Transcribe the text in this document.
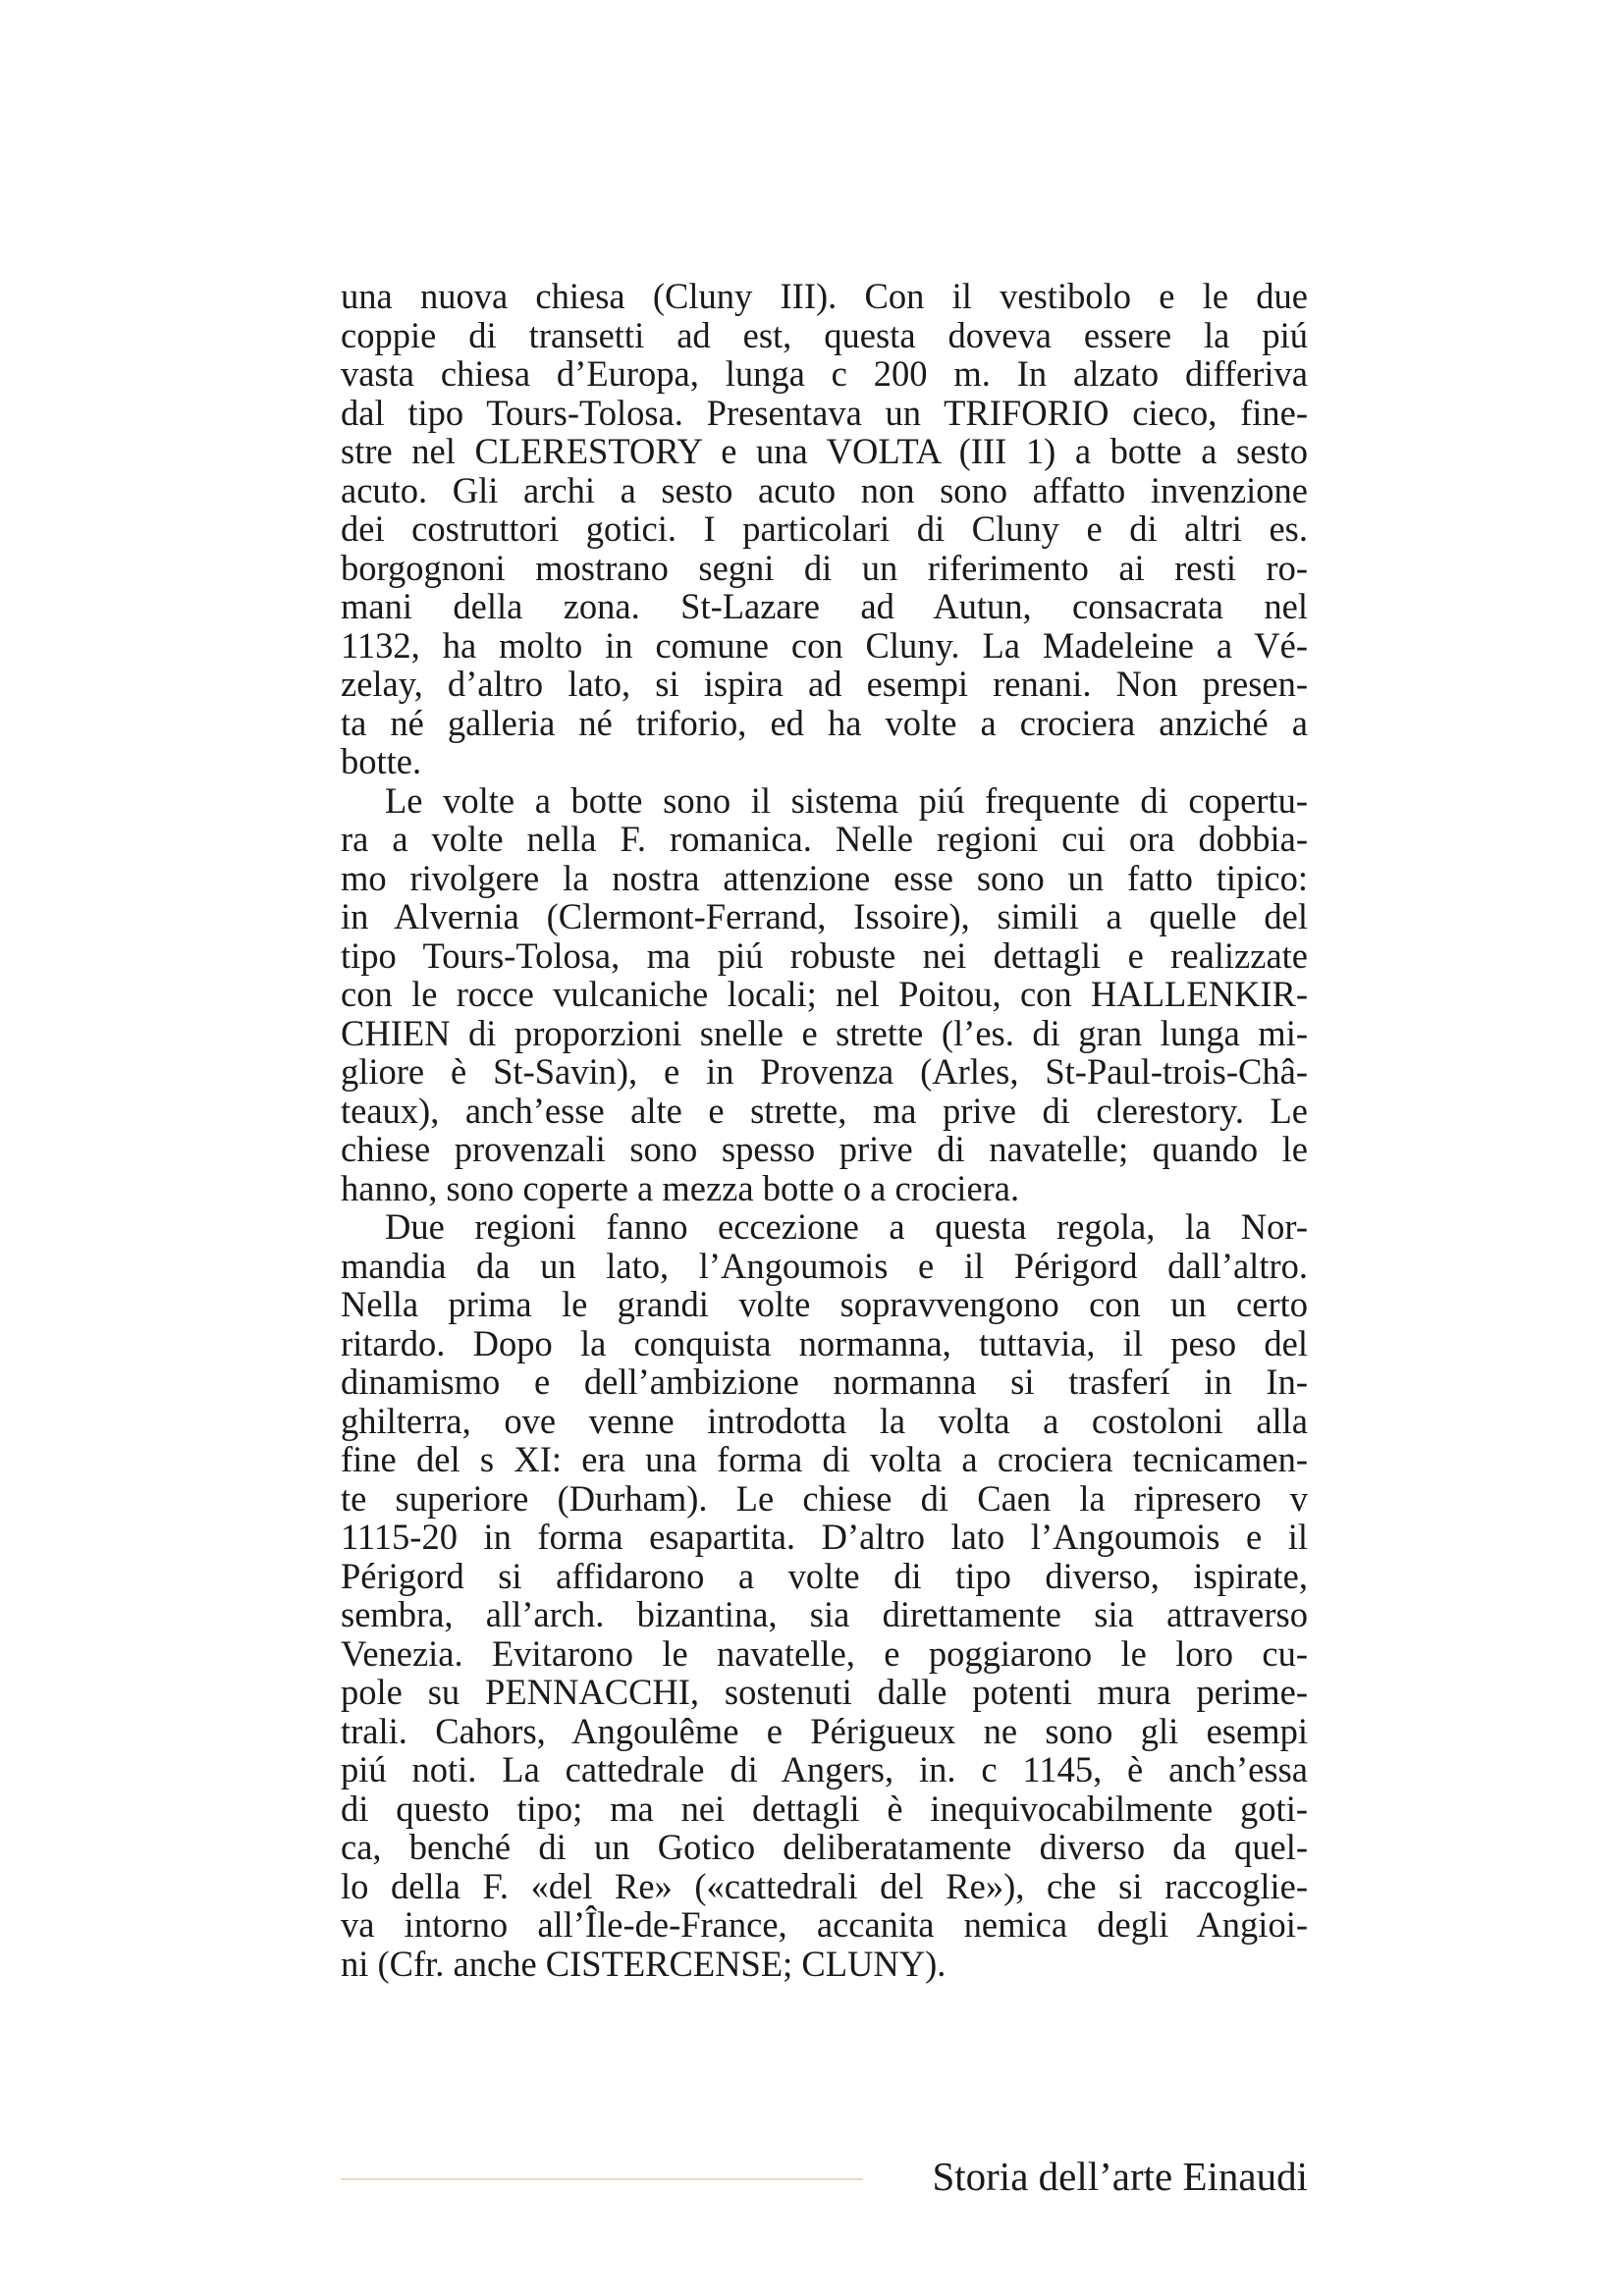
una nuova chiesa (Cluny III). Con il vestibolo e le due
coppie di transetti ad est, questa doveva essere la piú
vasta chiesa d’Europa, lunga c 200 m. In alzato differiva
dal tipo Tours-Tolosa. Presentava un TRIFORIO cieco, fine-
stre nel CLERESTORY e una VOLTA (III 1) a botte a sesto
acuto. Gli archi a sesto acuto non sono affatto invenzione
dei costruttori gotici. I particolari di Cluny e di altri es.
borgognoni mostrano segni di un riferimento ai resti ro-
mani della zona. St-Lazare ad Autun, consacrata nel
1132, ha molto in comune con Cluny. La Madeleine a Vé-
zelay, d’altro lato, si ispira ad esempi renani. Non presen-
ta né galleria né triforio, ed ha volte a crociera anziché a
botte.
Le volte a botte sono il sistema piú frequente di copertu-
ra a volte nella F. romanica. Nelle regioni cui ora dobbia-
mo rivolgere la nostra attenzione esse sono un fatto tipico:
in Alvernia (Clermont-Ferrand, Issoire), simili a quelle del
tipo Tours-Tolosa, ma piú robuste nei dettagli e realizzate
con le rocce vulcaniche locali; nel Poitou, con HALLENKIR-
CHIEN di proporzioni snelle e strette (l’es. di gran lunga mi-
gliore è St-Savin), e in Provenza (Arles, St-Paul-trois-Châ-
teaux), anch’esse alte e strette, ma prive di clerestory. Le
chiese provenzali sono spesso prive di navatelle; quando le
hanno, sono coperte a mezza botte o a crociera.
Due regioni fanno eccezione a questa regola, la Nor-
mandia da un lato, l’Angoumois e il Périgord dall’altro.
Nella prima le grandi volte sopravvengono con un certo
ritardo. Dopo la conquista normanna, tuttavia, il peso del
dinamismo e dell’ambizione normanna si trasferí in In-
ghilterra, ove venne introdotta la volta a costoloni alla
fine del s XI: era una forma di volta a crociera tecnicamen-
te superiore (Durham). Le chiese di Caen la ripresero v
1115-20 in forma esapartita. D’altro lato l’Angoumois e il
Périgord si affidarono a volte di tipo diverso, ispirate,
sembra, all’arch. bizantina, sia direttamente sia attraverso
Venezia. Evitarono le navatelle, e poggiarono le loro cu-
pole su PENNACCHI, sostenuti dalle potenti mura perime-
trali. Cahors, Angoulême e Périgueux ne sono gli esempi
piú noti. La cattedrale di Angers, in. c 1145, è anch’essa
di questo tipo; ma nei dettagli è inequivocabilmente goti-
ca, benché di un Gotico deliberatamente diverso da quel-
lo della F. «del Re» («cattedrali del Re»), che si raccoglie-
va intorno all’Île-de-France, accanita nemica degli Angioi-
ni (Cfr. anche CISTERCENSE; CLUNY).
Storia dell’arte Einaudi
